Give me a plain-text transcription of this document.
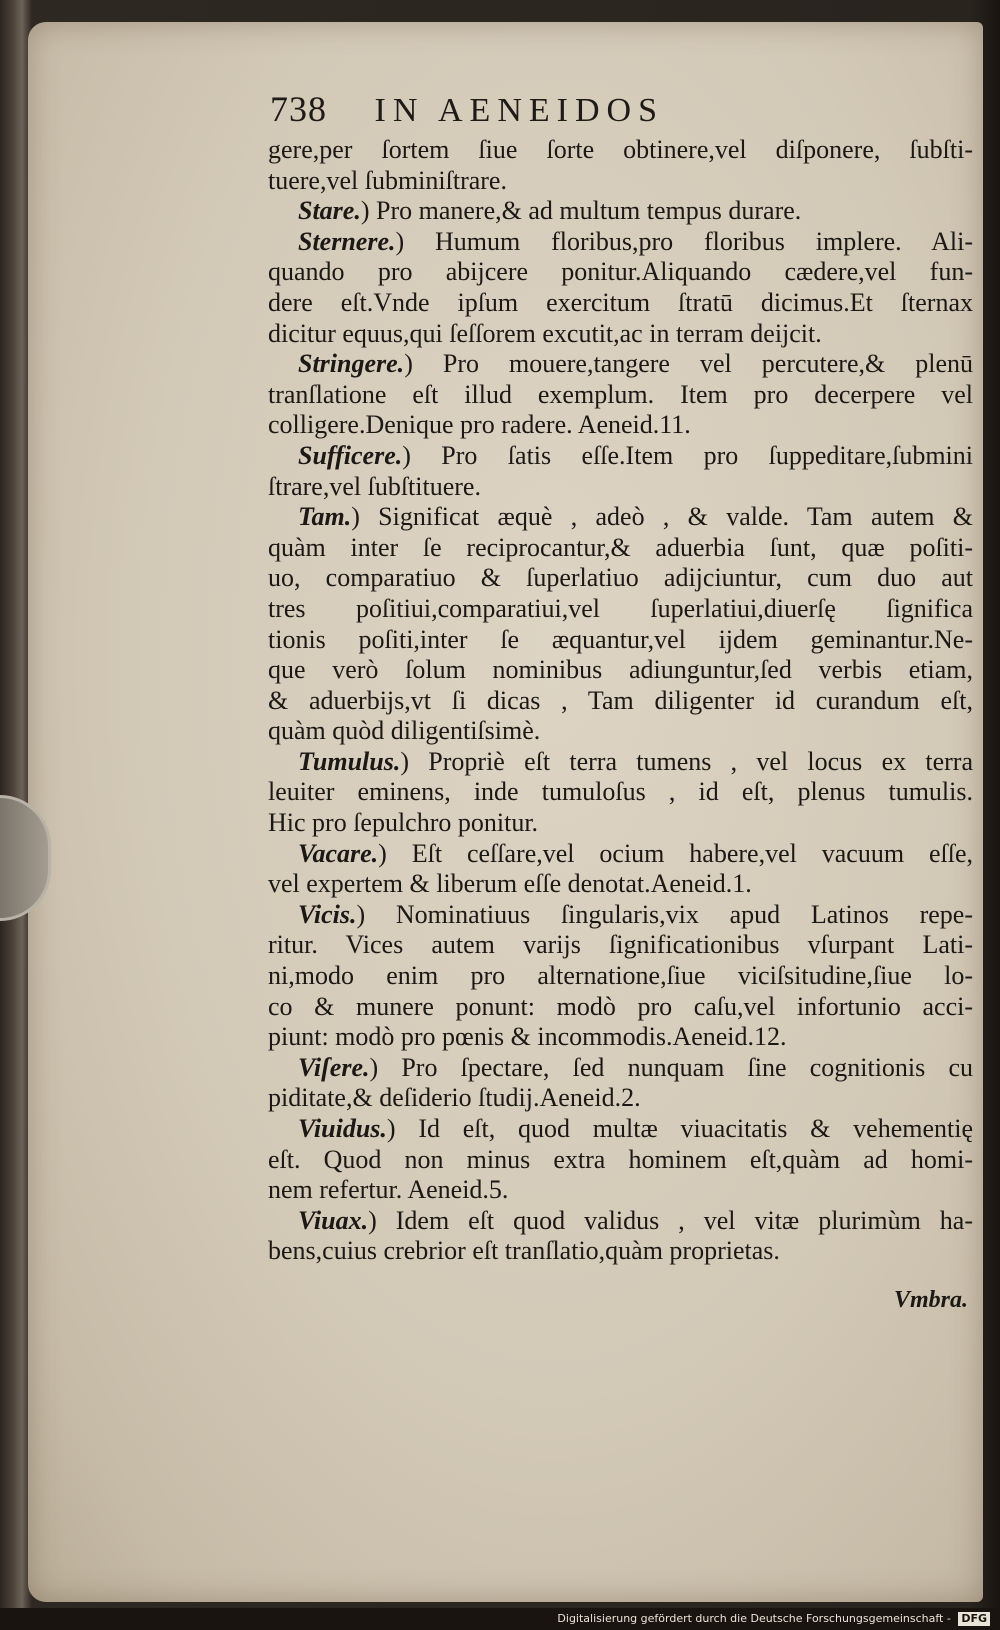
738 IN AENEIDOS
gere,per ſortem ſiue ſorte obtinere,vel diſponere, ſubſti-
tuere,vel ſubminiſtrare.
Stare.) Pro manere,& ad multum tempus durare.
Sternere.) Humum floribus,pro floribus implere. Ali-
quando pro abijcere ponitur.Aliquando cædere,vel fun-
dere eſt.Vnde ipſum exercitum ſtratū dicimus.Et ſternax
dicitur equus,qui ſeſſorem excutit,ac in terram deijcit.
Stringere.) Pro mouere,tangere vel percutere,& plenū
tranſlatione eſt illud exemplum. Item pro decerpere vel
colligere.Denique pro radere. Aeneid.11.
Sufficere.) Pro ſatis eſſe.Item pro ſuppeditare,ſubmini
ſtrare,vel ſubſtituere.
Tam.) Significat æquè , adeò , & valde. Tam autem &
quàm inter ſe reciprocantur,& aduerbia ſunt, quæ poſiti-
uo, comparatiuo & ſuperlatiuo adijciuntur, cum duo aut
tres poſitiui,comparatiui,vel ſuperlatiui,diuerſę ſignifica
tionis poſiti,inter ſe æquantur,vel ijdem geminantur.Ne-
que verò ſolum nominibus adiunguntur,ſed verbis etiam,
& aduerbijs,vt ſi dicas , Tam diligenter id curandum eſt,
quàm quòd diligentiſsimè.
Tumulus.) Propriè eſt terra tumens , vel locus ex terra
leuiter eminens, inde tumuloſus , id eſt, plenus tumulis.
Hic pro ſepulchro ponitur.
Vacare.) Eſt ceſſare,vel ocium habere,vel vacuum eſſe,
vel expertem & liberum eſſe denotat.Aeneid.1.
Vicis.) Nominatiuus ſingularis,vix apud Latinos repe-
ritur. Vices autem varijs ſignificationibus vſurpant Lati-
ni,modo enim pro alternatione,ſiue viciſsitudine,ſiue lo-
co & munere ponunt: modò pro caſu,vel infortunio acci-
piunt: modò pro pœnis & incommodis.Aeneid.12.
Viſere.) Pro ſpectare, ſed nunquam ſine cognitionis cu
piditate,& deſiderio ſtudij.Aeneid.2.
Viuidus.) Id eſt, quod multæ viuacitatis & vehementię
eſt. Quod non minus extra hominem eſt,quàm ad homi-
nem refertur. Aeneid.5.
Viuax.) Idem eſt quod validus , vel vitæ plurimùm ha-
bens,cuius crebrior eſt tranſlatio,quàm proprietas.
Vmbra.
Digitalisierung gefördert durch die Deutsche Forschungsgemeinschaft - DFG
